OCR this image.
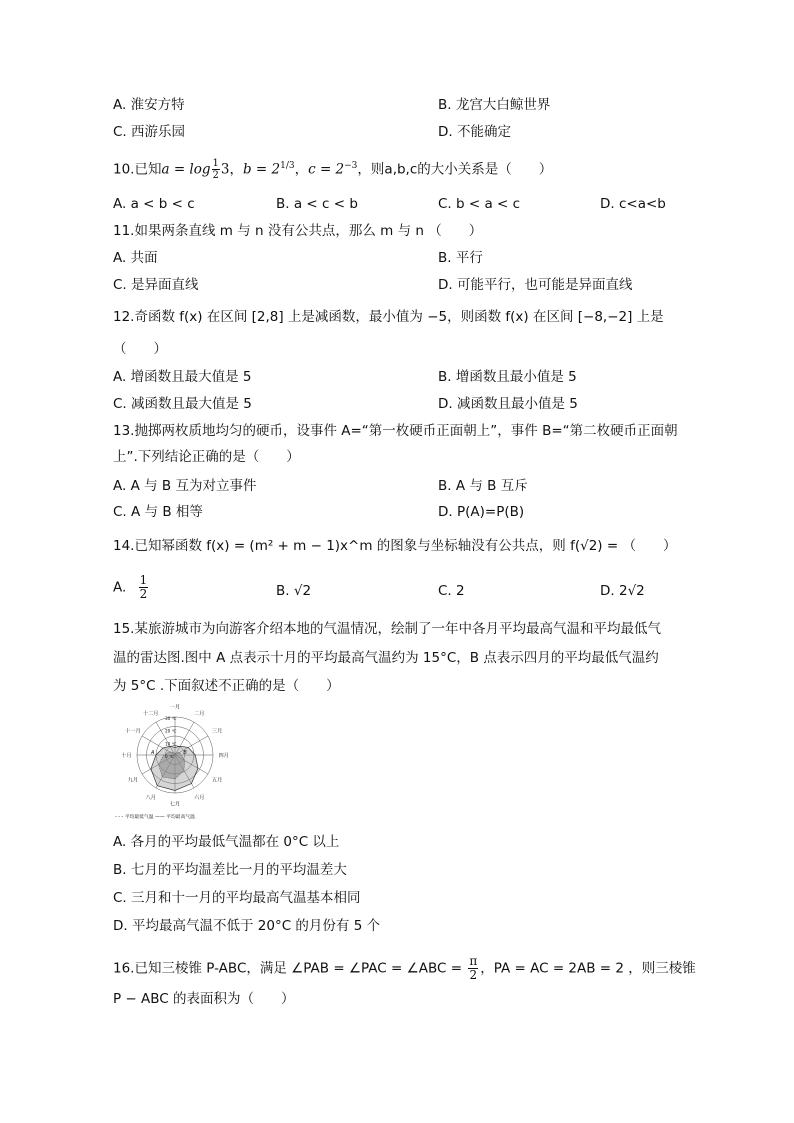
A. 淮安方特	B. 龙宫大白鲸世界
C. 西游乐园	D. 不能确定
10.已知$a = \log \frac{1}{2} 3$，$b = 2^{1/3}$，$c = 2^{-3}$，则a,b,c的大小关系是（　　）
A. a < b < c	B. a < c < b	C. b < a < c	D. c<a<b
11.如果两条直线 m 与 n 没有公共点，那么 m 与 n （　　）
A. 共面	B. 平行
C. 是异面直线	D. 可能平行，也可能是异面直线
12.奇函数 f(x) 在区间 [2,8] 上是减函数，最小值为 −5，则函数 f(x) 在区间 [−8,−2] 上是
（　　）
A. 增函数且最大值是 5	B. 增函数且最小值是 5
C. 减函数且最大值是 5	D. 减函数且最小值是 5
13.抛掷两枚质地均匀的硬币，设事件 A=“第一枚硬币正面朝上”，事件 B=“第二枚硬币正面朝
上”.下列结论正确的是（　　）
A. A 与 B 互为对立事件	B. A 与 B 互斥
C. A 与 B 相等	D. P(A)=P(B)
14.已知幂函数 f(x) = (m² + m − 1)x^m 的图象与坐标轴没有公共点，则 f(√2) = （　　）
A. $\frac{1}{2}$	B. √2	C. 2	D. 2√2
15.某旅游城市为向游客介绍本地的气温情况，绘制了一年中各月平均最高气温和平均最低气
温的雷达图.图中 A 点表示十月的平均最高气温约为 15°C，B 点表示四月的平均最低气温约
为 5°C .下面叙述不正确的是（　　）
一月
二月
三月
四月
五月
六月
七月
八月
九月
十月
十一月
十二月
30 ℃
20 ℃
10 ℃
0 ℃
A	B
- - - 平均最低气温 —— 平均最高气温
A. 各月的平均最低气温都在 0°C 以上
B. 七月的平均温差比一月的平均温差大
C. 三月和十一月的平均最高气温基本相同
D. 平均最高气温不低于 20°C 的月份有 5 个
16.已知三棱锥 P-ABC，满足 ∠PAB = ∠PAC = ∠ABC = $\frac{\pi}{2}$ ，PA = AC = 2AB = 2 ，则三棱锥
P − ABC 的表面积为（　　）
